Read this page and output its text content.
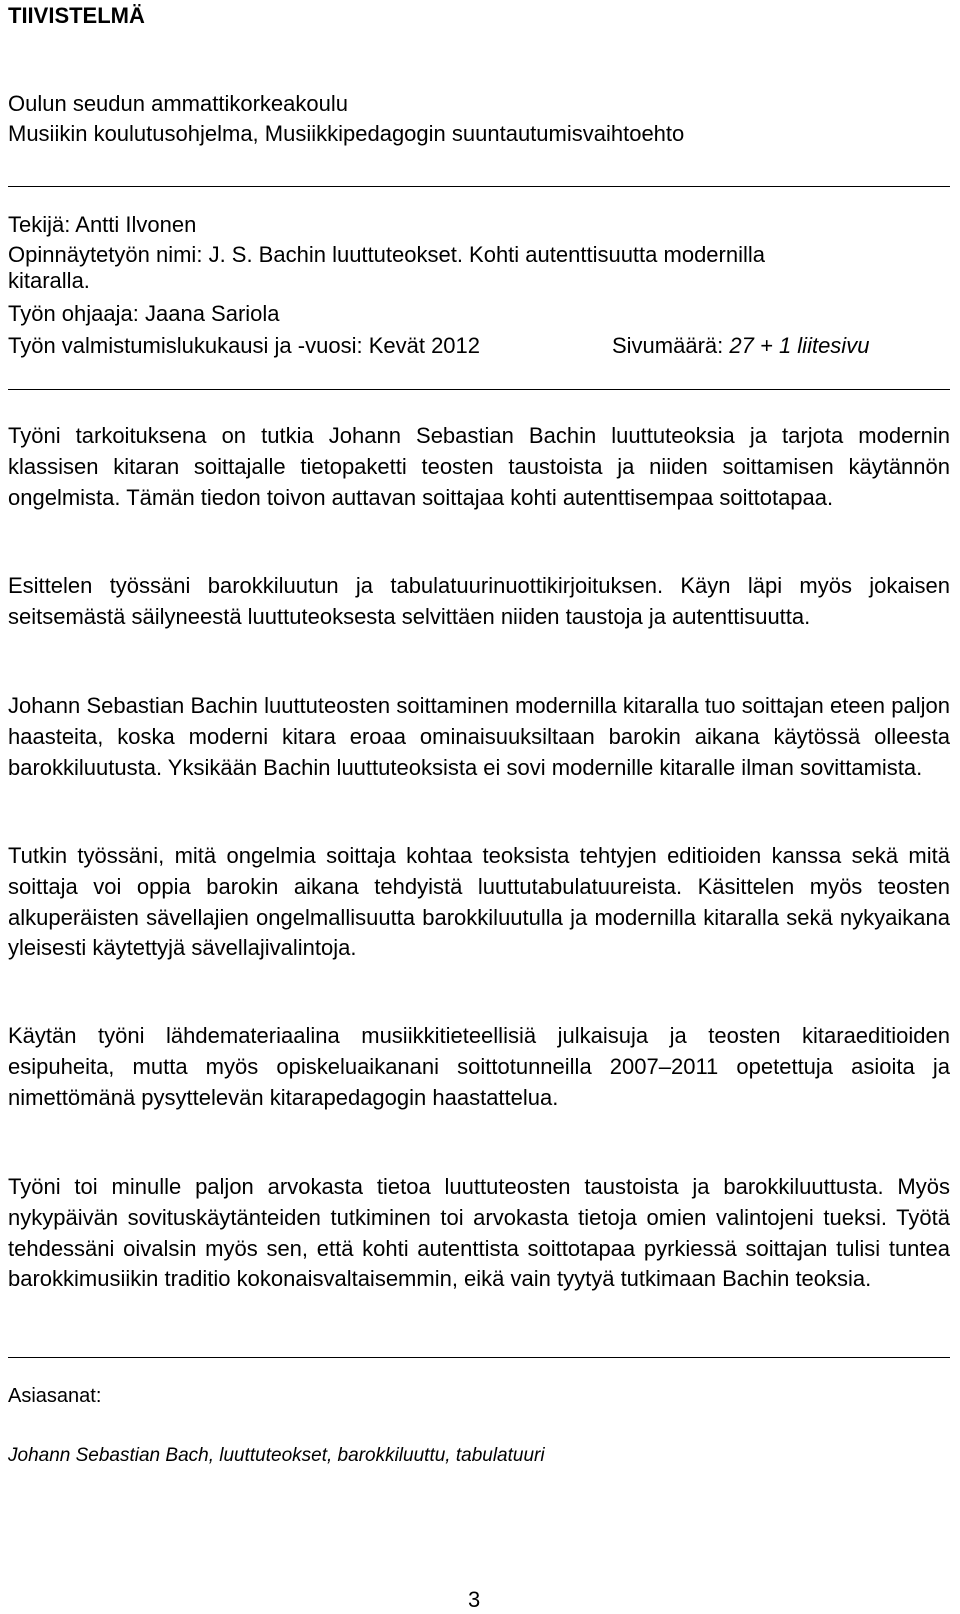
TIIVISTELMÄ
Oulun seudun ammattikorkeakoulu
Musiikin koulutusohjelma, Musiikkipedagogin suuntautumisvaihtoehto
Tekijä: Antti Ilvonen
Opinnäytetyön nimi: J. S. Bachin luuttuteokset. Kohti autenttisuutta modernilla
kitaralla.
Työn ohjaaja: Jaana Sariola
Työn valmistumislukukausi ja -vuosi: Kevät 2012	Sivumäärä: 27 + 1 liitesivu

Työni tarkoituksena on tutkia Johann Sebastian Bachin luuttuteoksia ja tarjota modernin klassisen kitaran soittajalle tietopaketti teosten taustoista ja niiden soittamisen käytännön ongelmista. Tämän tiedon toivon auttavan soittajaa kohti autenttisempaa soittotapaa.

Esittelen työssäni barokkiluutun ja tabulatuurinuottikirjoituksen. Käyn läpi myös jokaisen seitsemästä säilyneestä luuttuteoksesta selvittäen niiden taustoja ja autenttisuutta.

Johann Sebastian Bachin luuttuteosten soittaminen modernilla kitaralla tuo soittajan eteen paljon haasteita, koska moderni kitara eroaa ominaisuuksiltaan barokin aikana käytössä olleesta barokkiluutusta. Yksikään Bachin luuttuteoksista ei sovi modernille kitaralle ilman sovittamista.

Tutkin työssäni, mitä ongelmia soittaja kohtaa teoksista tehtyjen editioiden kanssa sekä mitä soittaja voi oppia barokin aikana tehdyistä luuttutabulatuureista. Käsittelen myös teosten alkuperäisten sävellajien ongelmallisuutta barokkiluutulla ja modernilla kitaralla sekä nykyaikana yleisesti käytettyjä sävellajivalintoja.

Käytän työni lähdemateriaalina musiikkitieteellisiä julkaisuja ja teosten kitaraeditioiden esipuheita, mutta myös opiskeluaikanani soittotunneilla 2007–2011 opetettuja asioita ja nimettömänä pysyttelevän kitarapedagogin haastattelua.

Työni toi minulle paljon arvokasta tietoa luuttuteosten taustoista ja barokkiluuttusta. Myös nykypäivän sovituskäytänteiden tutkiminen toi arvokasta tietoja omien valintojeni tueksi. Työtä tehdessäni oivalsin myös sen, että kohti autenttista soittotapaa pyrkiessä soittajan tulisi tuntea barokkimusiikin traditio kokonaisvaltaisemmin, eikä vain tyytyä tutkimaan Bachin teoksia.

Asiasanat:
Johann Sebastian Bach, luuttuteokset, barokkiluuttu, tabulatuuri
3
